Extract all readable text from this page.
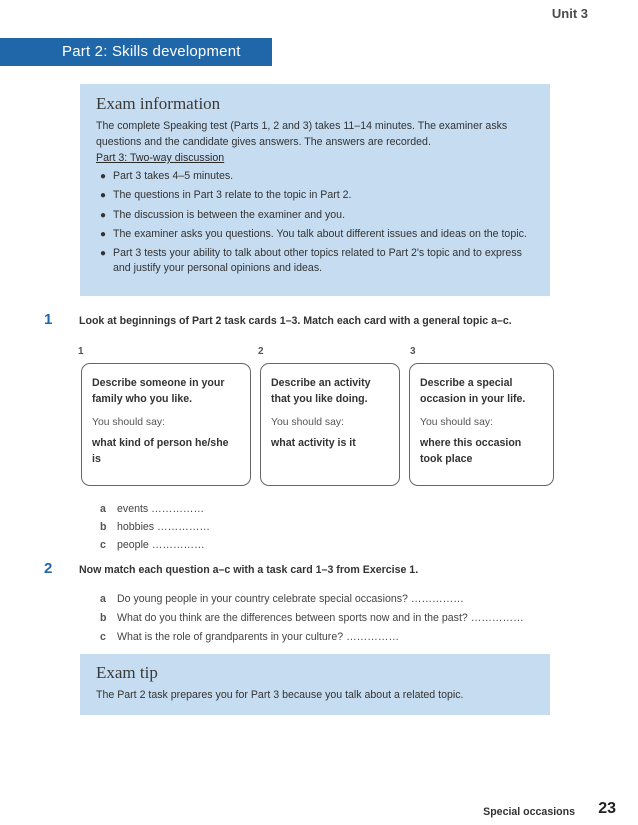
Unit 3
Part 2: Skills development
Exam information
The complete Speaking test (Parts 1, 2 and 3) takes 11–14 minutes. The examiner asks questions and the candidate gives answers. The answers are recorded.
Part 3: Two-way discussion
● Part 3 takes 4–5 minutes.
● The questions in Part 3 relate to the topic in Part 2.
● The discussion is between the examiner and you.
● The examiner asks you questions. You talk about different issues and ideas on the topic.
● Part 3 tests your ability to talk about other topics related to Part 2's topic and to express and justify your personal opinions and ideas.
1	Look at beginnings of Part 2 task cards 1–3. Match each card with a general topic a–c.
1	2	3
Describe someone in your family who you like.
You should say:
what kind of person he/she is
Describe an activity that you like doing.
You should say:
what activity is it
Describe a special occasion in your life.
You should say:
where this occasion took place
a events ……………
b hobbies ……………
c people ……………
2	Now match each question a–c with a task card 1–3 from Exercise 1.
a Do young people in your country celebrate special occasions? ……………
b What do you think are the differences between sports now and in the past? ……………
c What is the role of grandparents in your culture? ……………
Exam tip
The Part 2 task prepares you for Part 3 because you talk about a related topic.
Special occasions 23
